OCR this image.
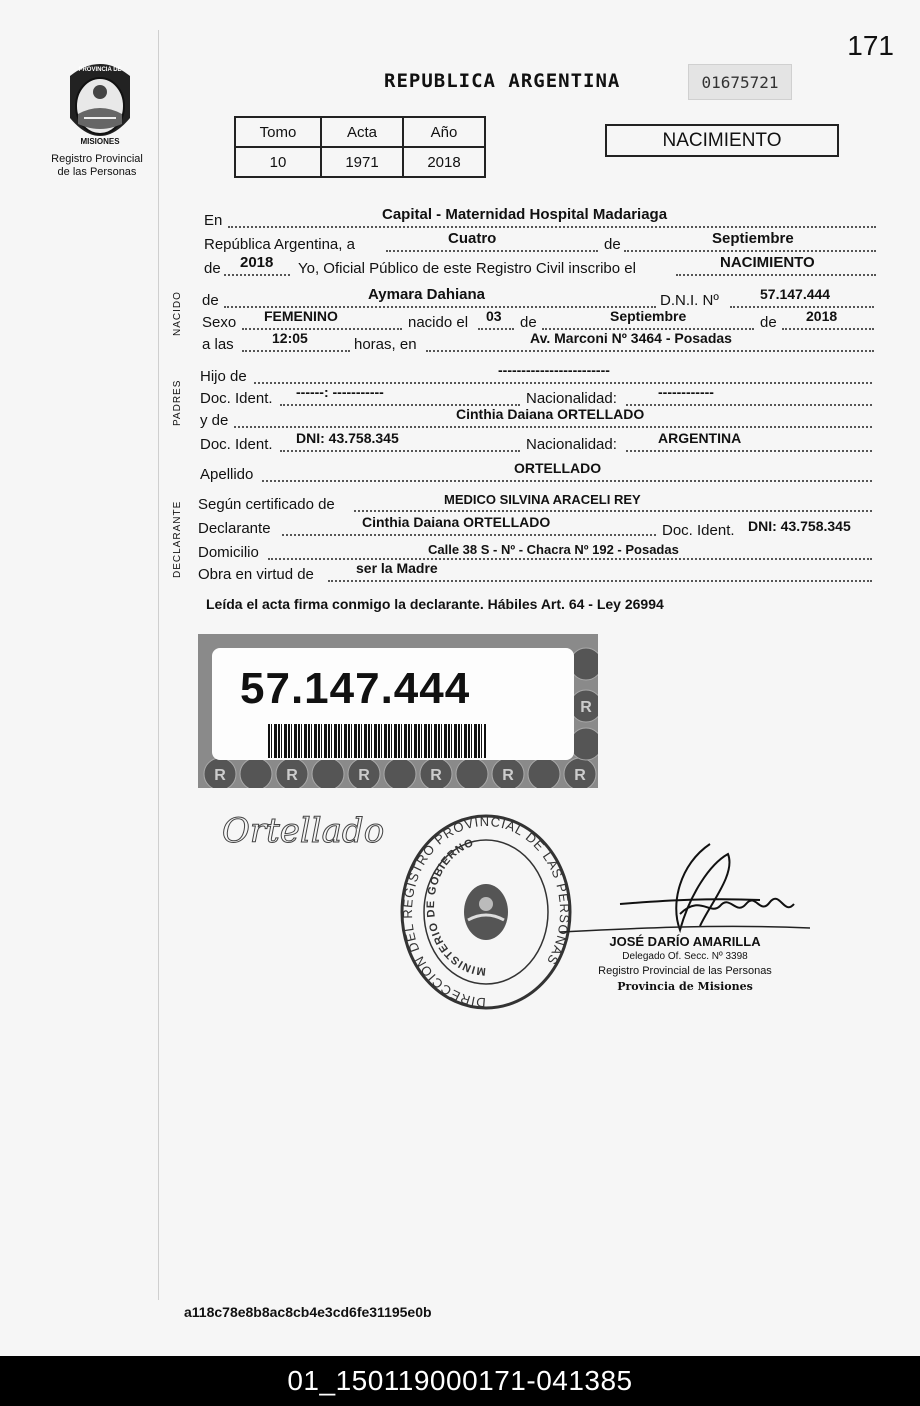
171
PROVINCIA DE
MISIONES
Registro Provincial
de las Personas
REPUBLICA ARGENTINA	01675721
Tomo	Acta	Año
10	1971	2018
NACIMIENTO
NACIDO
PADRES
DECLARANTE
En	Capital - Maternidad Hospital Madariaga
República Argentina, a	Cuatro	de	Septiembre
de 2018 Yo, Oficial Público de este Registro Civil inscribo el	NACIMIENTO
de	Aymara Dahiana	D.N.I. Nº	57.147.444
Sexo FEMENINO	nacido el 03 de	Septiembre	de 2018
a las	12:05	horas, en	Av. Marconi Nº 3464 - Posadas
Hijo de	------------------------
Doc. Ident. ------: -----------	Nacionalidad:	------------
y de	Cinthia Daiana ORTELLADO
Doc. Ident. DNI: 43.758.345	Nacionalidad:	ARGENTINA
Apellido	ORTELLADO
Según certificado de	MEDICO SILVINA ARACELI REY
Declarante	Cinthia Daiana ORTELLADO	Doc. Ident. DNI: 43.758.345
Domicilio	Calle 38 S - Nº - Chacra Nº 192 - Posadas
Obra en virtud de	ser la Madre
Leída el acta firma conmigo la declarante. Hábiles Art. 64 - Ley 26994
R	R	R	R	R	R
R
57.147.444
Ortellado
DIRECCIÓN DEL REGISTRO PROVINCIAL DE LAS PERSONAS
MINISTERIO DE GOBIERNO
JOSÉ DARÍO AMARILLA
Delegado Of. Secc. Nº 3398
Registro Provincial de las Personas
Provincia de Misiones
a118c78e8b8ac8cb4e3cd6fe31195e0b
01_150119000171-041385
